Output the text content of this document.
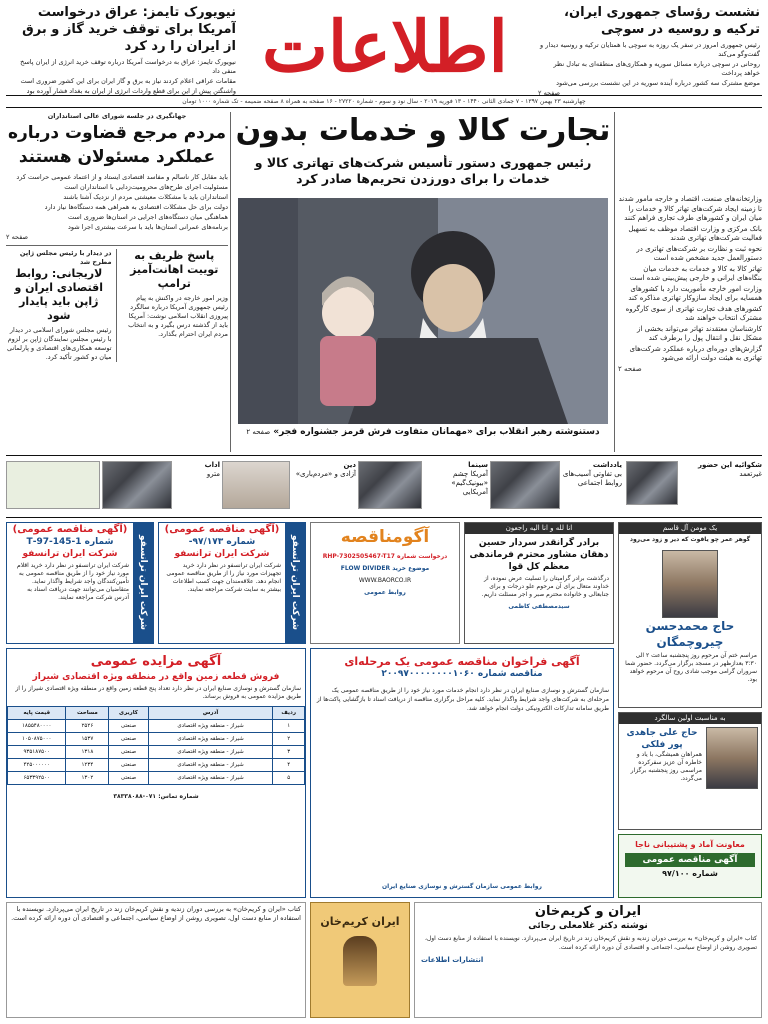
نشست رؤسای جمهوری ایران، ترکیه و روسیه در سوچی

رئیس جمهوری امروز در سفر یک روزه به سوچی با همتایان ترکیه و روسیه دیدار و گفت‌وگو می‌کند

روحانی در سوچی درباره مسائل سوریه و همکاری‌های منطقه‌ای به تبادل نظر خواهد پرداخت

موضع مشترک سه کشور درباره آینده سوریه در این نشست بررسی می‌شود

صفحه ۲

اطلاعات
نیویورک تایمز: عراق درخواست آمریکا برای توقف خرید گاز و برق از ایران را رد کرد

نیویورک تایمز: عراق به درخواست آمریکا درباره توقف خرید انرژی از ایران پاسخ منفی داد

مقامات عراقی اعلام کردند نیاز به برق و گاز ایران برای این کشور ضروری است

واشنگتن پیش از این برای قطع واردات انرژی از ایران به بغداد فشار آورده بود

چهارشنبه ۲۳ بهمن ۱۳۹۷ - ۷ جمادی الثانی ۱۴۴۰ - ۱۳ فوریه ۲۰۱۹ - سال نود و سوم - شماره ۲۷۲۲۰ - ۱۶ صفحه به همراه ۸ صفحه ضمیمه - تک شماره ۱۰۰۰ تومان
جهانگیری در جلسه شورای عالی استانداران
مردم مرجع قضاوت درباره عملکرد مسئولان هستند

باید مقابل کار ناسالم و مفاسد اقتصادی ایستاد و از اعتماد عمومی حراست کرد

مسئولیت اجرای طرح‌های محرومیت‌زدایی با استانداران است

استانداران باید با مشکلات معیشتی مردم از نزدیک آشنا باشند

دولت برای حل مشکلات اقتصادی به همراهی همه دستگاه‌ها نیاز دارد

هماهنگی میان دستگاه‌های اجرایی در استان‌ها ضروری است

برنامه‌های عمرانی استان‌ها باید با سرعت بیشتری اجرا شود

صفحه ۲

پاسخ ظریف به توییت اهانت‌آمیز ترامپ
وزیر امور خارجه در واکنش به پیام رئیس جمهوری آمریکا درباره سالگرد پیروزی انقلاب اسلامی نوشت: آمریکا باید از گذشته درس بگیرد و به انتخاب مردم ایران احترام بگذارد.
در دیدار با رئیس مجلس ژاپن مطرح شد
لاریجانی: روابط اقتصادی ایران و ژاپن باید پایدار شود
رئیس مجلس شورای اسلامی در دیدار با رئیس مجلس نمایندگان ژاپن بر لزوم توسعه همکاری‌های اقتصادی و پارلمانی میان دو کشور تأکید کرد.
تجارت کالا و خدمات بدون
رئیس جمهوری دستور تأسیس شرکت‌های تهاتری کالا و خدمات را برای دورزدن تحریم‌ها صادر کرد
دستنوشته رهبر انقلاب برای «مهمانان متفاوت فرش قرمز جشنواره فجر» صفحه ۲

وزارتخانه‌های صنعت، اقتصاد و خارجه مأمور شدند تا زمینه ایجاد شرکت‌های تهاتر کالا و خدمات را میان ایران و کشورهای طرف تجاری فراهم کنند

بانک مرکزی و وزارت اقتصاد موظف به تسهیل فعالیت شرکت‌های تهاتری شدند

نحوه ثبت و نظارت بر شرکت‌های تهاتری در دستورالعمل جدید مشخص شده است

تهاتر کالا به کالا و خدمات به خدمات میان بنگاه‌های ایرانی و خارجی پیش‌بینی شده است

وزارت امور خارجه مأموریت دارد با کشورهای همسایه برای ایجاد سازوکار تهاتری مذاکره کند

کشورهای هدف تجارت تهاتری از سوی کارگروه مشترک انتخاب خواهند شد

کارشناسان معتقدند تهاتر می‌تواند بخشی از مشکل نقل و انتقال پول را برطرف کند

گزارش‌های دوره‌ای درباره عملکرد شرکت‌های تهاتری به هیئت دولت ارائه می‌شود

صفحه ۲

شکوائیه این حضور
غیرتعمد
یادداشت
بی تفاوتی آسیب‌های روابط اجتماعی
سینما
آمریکا چشم «بیونیک‌گیم» آمریکایی
دین
آزادی و «مردم‌باری»
آداب
مترو
شرکت ایران ترانسفو
(آگهی مناقصه عمومی)
شماره 1-145-97-T
شرکت ایران ترانسفو
شرکت ایران ترانسفو در نظر دارد خرید اقلام مورد نیاز خود را از طریق مناقصه عمومی به تأمین‌کنندگان واجد شرایط واگذار نماید. متقاضیان می‌توانند جهت دریافت اسناد به آدرس شرکت مراجعه نمایند.	شرکت ایران ترانسفو
(آگهی مناقصه عمومی)
شماره ۹۷/۱۷۳-
شرکت ایران ترانسفو
شرکت ایران ترانسفو در نظر دارد خرید تجهیزات مورد نیاز را از طریق مناقصه عمومی انجام دهد. علاقه‌مندان جهت کسب اطلاعات بیشتر به سایت شرکت مراجعه نمایند.
آگومناقصه
درخواست شماره RHP-7302505467-T17
موضوع خرید FLOW DIVIDER
WWW.BAORCO.IR
روابط عمومی
انا لله و انا الیه راجعون
برادر گرانقدر سردار حسین دهقان مشاور محترم فرماندهی معظم کل قوا
درگذشت برادر گرامیتان را تسلیت عرض نموده، از خداوند متعال برای آن مرحوم علو درجات و برای جنابعالی و خانواده محترم صبر و اجر مسئلت داریم.
سیدمصطفی کاظمی
یک مومن آل قاسم
گوهر عمر چو یاقوت که دیر و زود می‌رود
حاج محمدحسن چیروچمگان
مراسم ختم آن مرحوم روز پنجشنبه ساعت ۲ الی ۳:۳۰ بعدازظهر در مسجد برگزار می‌گردد. حضور شما سروران گرامی موجب شادی روح آن مرحوم خواهد بود.
آگهی مزایده عمومی
فروش قطعه زمین واقع در منطقه ویژه اقتصادی شیراز
سازمان گسترش و نوسازی صنایع ایران در نظر دارد تعداد پنج قطعه زمین واقع در منطقه ویژه اقتصادی شیراز را از طریق مزایده عمومی به فروش برساند.
ردیف	آدرس	کاربری	مساحت	قیمت پایه
۱	شیراز - منطقه ویژه اقتصادی	صنعتی	۲۵۲۶	۱۸۵۵۴۸۰۰۰۰
۲	شیراز - منطقه ویژه اقتصادی	صنعتی	۱۵۳۷	۱۰۵۰۸۷۵۰۰۰
۳	شیراز - منطقه ویژه اقتصادی	صنعتی	۱۳۱۸	۹۳۵۱۸۷۵۰۰
۴	شیراز - منطقه ویژه اقتصادی	صنعتی	۱۲۳۴	۴۲۵۰۰۰۰۰۰
۵	شیراز - منطقه ویژه اقتصادی	صنعتی	۱۳۰۲	۶۵۳۳۹۲۵۰۰
شماره تماس: ۰۷۱-۳۸۳۳۸۰۸۸
آگهی فراخوان مناقصه عمومی یک مرحله‌ای
مناقصه شماره ۲۰۰۹۷۰۰۰۰۰۰۰۰۱۰۶۰
سازمان گسترش و نوسازی صنایع ایران در نظر دارد انجام خدمات مورد نیاز خود را از طریق مناقصه عمومی یک مرحله‌ای به شرکت‌های واجد شرایط واگذار نماید. کلیه مراحل برگزاری مناقصه از دریافت اسناد تا بازگشایی پاکت‌ها از طریق سامانه تدارکات الکترونیکی دولت انجام خواهد شد.
روابط عمومی سازمان گسترش و نوسازی صنایع ایران
به مناسبت اولین سالگرد
حاج علی جاهدی پور فلکی
همراهان همیشگی، با یاد و خاطره آن عزیز سفرکرده مراسمی روز پنجشنبه برگزار می‌گردد.
معاونت آماد و پشتیبانی ناجا
آگهی مناقصه عمومی
شماره ۹۷/۱۰۰
کتاب «ایران و کریم‌خان» به بررسی دوران زندیه و نقش کریم‌خان زند در تاریخ ایران می‌پردازد. نویسنده با استفاده از منابع دست اول، تصویری روشن از اوضاع سیاسی، اجتماعی و اقتصادی آن دوره ارائه کرده است.	ایران کریم‌خان
ایران و کریم‌خان
نوشته دکتر غلامعلی رجائی
کتاب «ایران و کریم‌خان» به بررسی دوران زندیه و نقش کریم‌خان زند در تاریخ ایران می‌پردازد. نویسنده با استفاده از منابع دست اول، تصویری روشن از اوضاع سیاسی، اجتماعی و اقتصادی آن دوره ارائه کرده است.
انتشارات اطلاعات
